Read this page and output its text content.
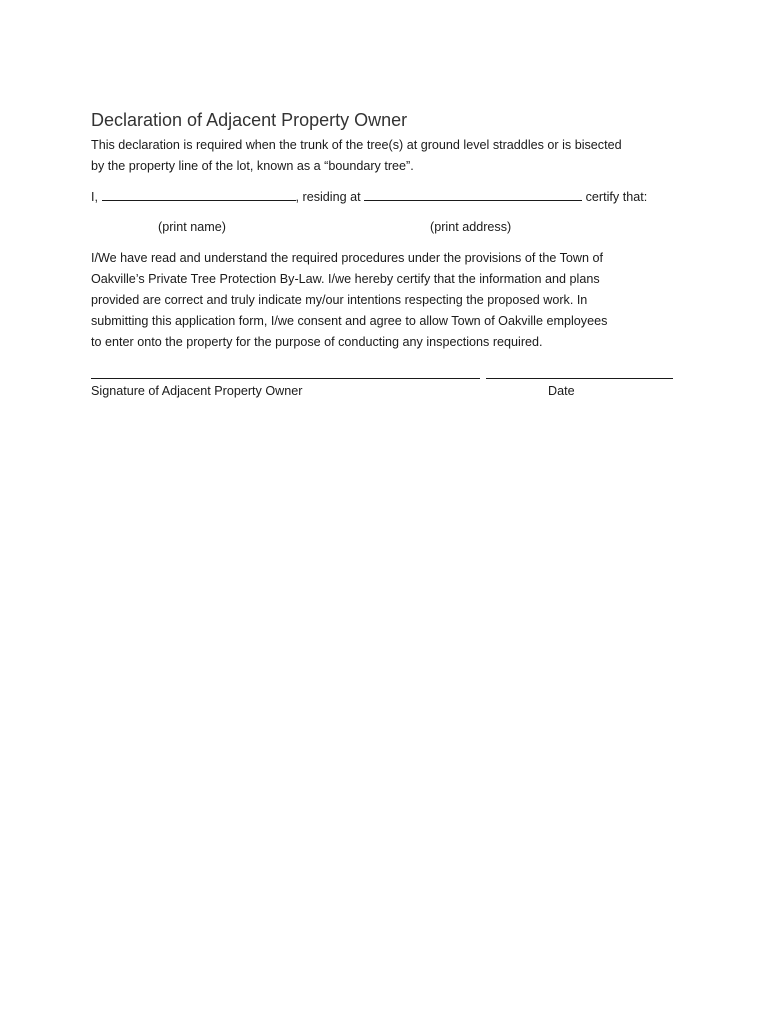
Declaration of Adjacent Property Owner
This declaration is required when the trunk of the tree(s) at ground level straddles or is bisected
by the property line of the lot, known as a “boundary tree”.
I,	, residing at	certify that:
(print name)	(print address)
I/We have read and understand the required procedures under the provisions of the Town of
Oakville’s Private Tree Protection By-Law. I/we hereby certify that the information and plans
provided are correct and truly indicate my/our intentions respecting the proposed work. In
submitting this application form, I/we consent and agree to allow Town of Oakville employees
to enter onto the property for the purpose of conducting any inspections required.
Signature of Adjacent Property Owner	Date
